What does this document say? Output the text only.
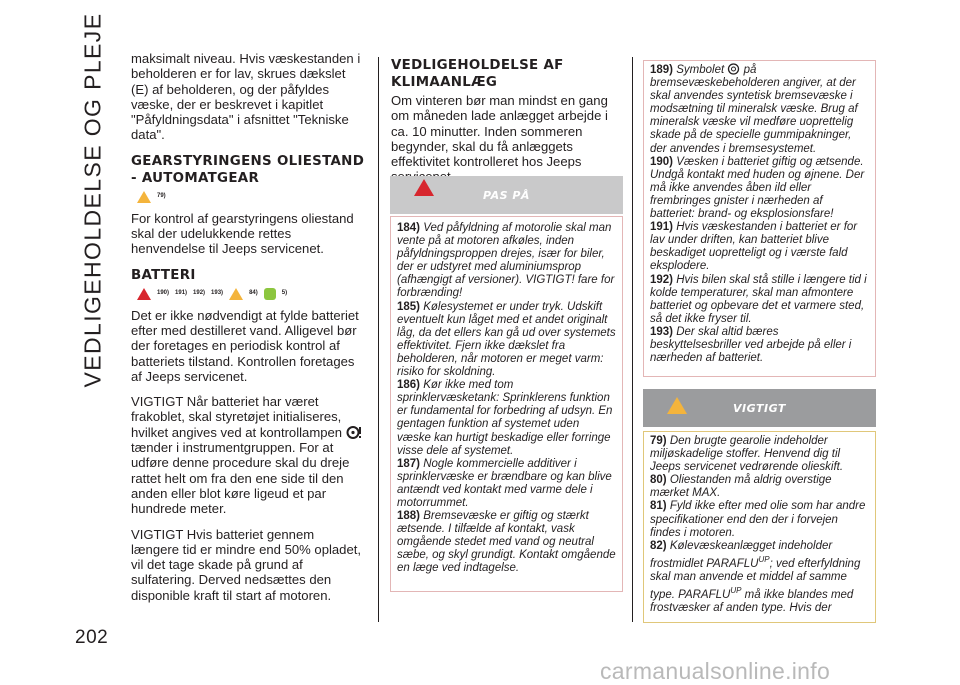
VEDLIGEHOLDELSE OG PLEJE
202

maksimalt niveau. Hvis væskestanden i beholderen er for lav, skrues dækslet (E) af beholderen, og der påfyldes væske, der er beskrevet i kapitlet "Påfyldningsdata" i afsnittet "Tekniske data".

GEARSTYRINGENS OLIESTAND - AUTOMATGEAR
79)

For kontrol af gearstyringens oliestand skal der udelukkende rettes henvendelse til Jeeps servicenet.

BATTERI
190) 191) 192) 193)	84)	5)

Det er ikke nødvendigt at fylde batteriet efter med destilleret vand. Alligevel bør der foretages en periodisk kontrol af batteriets tilstand. Kontrollen foretages af Jeeps servicenet.

VIGTIGT Når batteriet har været frakoblet, skal styretøjet initialiseres, hvilket angives ved at kontrollampen  tænder i instrumentgruppen. For at udføre denne procedure skal du dreje rattet helt om fra den ene side til den anden eller blot køre ligeud et par hundrede meter.

VIGTIGT Hvis batteriet gennem længere tid er mindre end 50% opladet, vil det tage skade på grund af sulfatering. Derved nedsættes den disponible kraft til start af motoren.

VEDLIGEHOLDELSE AF KLIMAANLÆG

Om vinteren bør man mindst en gang om måneden lade anlægget arbejde i ca. 10 minutter. Inden sommeren begynder, skal du få anlæggets effektivitet kontrolleret hos Jeeps

PAS PÅ

184) Ved påfyldning af motorolie skal man vente på at motoren afkøles, inden påfyldningsproppen drejes, især for biler, der er udstyret med aluminiumsprop (afhængigt af versioner). VIGTIGT! fare for forbrænding!

185) Kølesystemet er under tryk. Udskift eventuelt kun låget med et andet originalt låg, da det ellers kan gå ud over systemets effektivitet. Fjern ikke dækslet fra beholderen, når motoren er meget varm: risiko for skoldning.

186) Kør ikke med tom sprinklervæsketank: Sprinklerens funktion er fundamental for forbedring af udsyn. En gentagen funktion af systemet uden væske kan hurtigt beskadige eller forringe visse dele af systemet.

187) Nogle kommercielle additiver i sprinklervæske er brændbare og kan blive antændt ved kontakt med varme dele i motorrummet.

188) Bremsevæske er giftig og stærkt ætsende. I tilfælde af kontakt, vask omgående stedet med vand og neutral sæbe, og skyl grundigt. Kontakt omgående en læge ved indtagelse.

189) Symbolet på bremsevæskebeholderen angiver, at der skal anvendes syntetisk bremsevæske i modsætning til mineralsk væske. Brug af mineralsk væske vil medføre uoprettelig skade på de specielle gummipakninger, der anvendes i bremsesystemet.

190) Væsken i batteriet giftig og ætsende. Undgå kontakt med huden og øjnene. Der må ikke anvendes åben ild eller frembringes gnister i nærheden af batteriet: brand- og eksplosionsfare!

191) Hvis væskestanden i batteriet er for lav under driften, kan batteriet blive beskadiget uopretteligt og i værste fald eksplodere.

192) Hvis bilen skal stå stille i længere tid i kolde temperaturer, skal man afmontere batteriet og opbevare det et varmere sted, så det ikke fryser til.

193) Der skal altid bæres beskyttelsesbriller ved arbejde på eller i nærheden af batteriet.

VIGTIGT

79) Den brugte gearolie indeholder miljøskadelige stoffer. Henvend dig til Jeeps servicenet vedrørende olieskift.

80) Oliestanden må aldrig overstige mærket MAX.

81) Fyld ikke efter med olie som har andre specifikationer end den der i forvejen findes i motoren.

82) Kølevæskeanlægget indeholder frostmidlet $PARAFLU^{UP}$; ved efterfyldning skal man anvende et middel af samme type. $PARAFLU^{UP}$ må ikke blandes med frostvæsker af anden type. Hvis der

carmanualsonline.info
